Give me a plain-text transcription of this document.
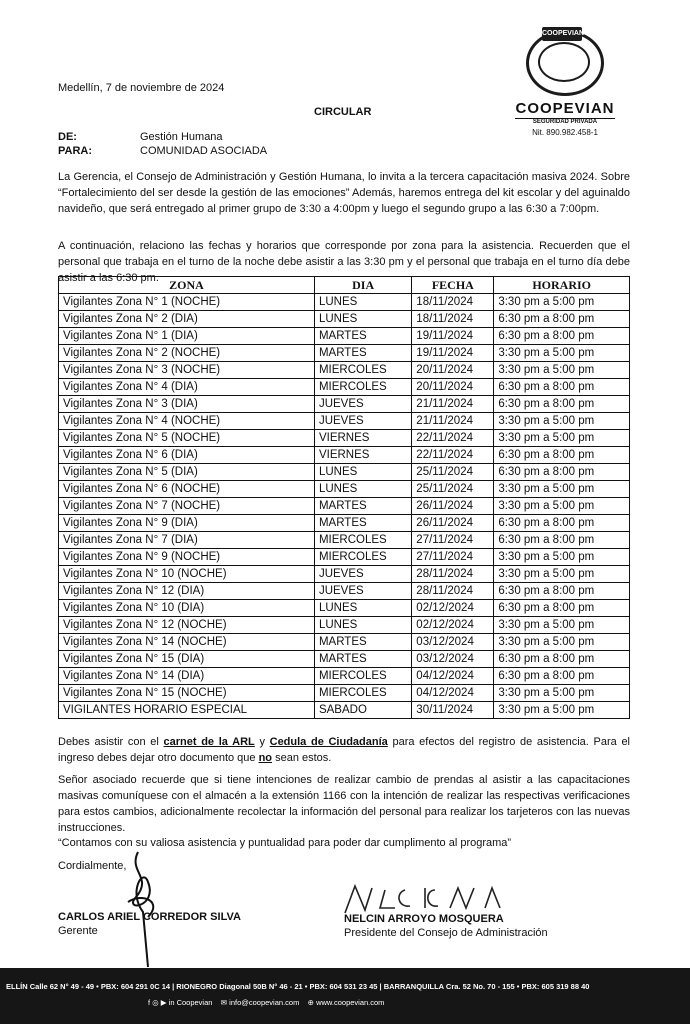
COOPEVIAN
COOPEVIAN
SEGURIDAD PRIVADA
Nit. 890.982.458-1
Medellín, 7 de noviembre de 2024
CIRCULAR
DE:	Gestión Humana
PARA:	COMUNIDAD ASOCIADA
La Gerencia, el Consejo de Administración y Gestión Humana, lo invita a la tercera capacitación masiva 2024. Sobre “Fortalecimiento del ser desde la gestión de las emociones” Además, haremos entrega del kit escolar y del aguinaldo navideño, que será entregado al primer grupo de 3:30 a 4:00pm y luego el segundo grupo a las 6:30 a 7:00pm.
A continuación, relaciono las fechas y horarios que corresponde por zona para la asistencia. Recuerden que el personal que trabaja en el turno de la noche debe asistir a las 3:30 pm y el personal que trabaja en el turno día debe asistir a las 6:30 pm. ZONA	DIA	FECHA	HORARIO
Vigilantes Zona N° 1 (NOCHE)	LUNES	18/11/2024	3:30 pm a 5:00 pm
Vigilantes Zona N° 2 (DIA)	LUNES	18/11/2024	6:30 pm a 8:00 pm
Vigilantes Zona N° 1 (DIA)	MARTES	19/11/2024	6:30 pm a 8:00 pm
Vigilantes Zona N° 2 (NOCHE)	MARTES	19/11/2024	3:30 pm a 5:00 pm
Vigilantes Zona N° 3 (NOCHE)	MIERCOLES	20/11/2024	3:30 pm a 5:00 pm
Vigilantes Zona N° 4 (DIA)	MIERCOLES	20/11/2024	6:30 pm a 8:00 pm
Vigilantes Zona N° 3 (DIA)	JUEVES	21/11/2024	6:30 pm a 8:00 pm
Vigilantes Zona N° 4 (NOCHE)	JUEVES	21/11/2024	3:30 pm a 5:00 pm
Vigilantes Zona N° 5 (NOCHE)	VIERNES	22/11/2024	3:30 pm a 5:00 pm
Vigilantes Zona N° 6 (DIA)	VIERNES	22/11/2024	6:30 pm a 8:00 pm
Vigilantes Zona N° 5 (DIA)	LUNES	25/11/2024	6:30 pm a 8:00 pm
Vigilantes Zona N° 6 (NOCHE)	LUNES	25/11/2024	3:30 pm a 5:00 pm
Vigilantes Zona N° 7 (NOCHE)	MARTES	26/11/2024	3:30 pm a 5:00 pm
Vigilantes Zona N° 9 (DIA)	MARTES	26/11/2024	6:30 pm a 8:00 pm
Vigilantes Zona N° 7 (DIA)	MIERCOLES	27/11/2024	6:30 pm a 8:00 pm
Vigilantes Zona N° 9 (NOCHE)	MIERCOLES	27/11/2024	3:30 pm a 5:00 pm
Vigilantes Zona N° 10 (NOCHE)	JUEVES	28/11/2024	3:30 pm a 5:00 pm
Vigilantes Zona N° 12 (DIA)	JUEVES	28/11/2024	6:30 pm a 8:00 pm
Vigilantes Zona N° 10 (DIA)	LUNES	02/12/2024	6:30 pm a 8:00 pm
Vigilantes Zona N° 12 (NOCHE)	LUNES	02/12/2024	3:30 pm a 5:00 pm
Vigilantes Zona N° 14 (NOCHE)	MARTES	03/12/2024	3:30 pm a 5:00 pm
Vigilantes Zona N° 15 (DIA)	MARTES	03/12/2024	6:30 pm a 8:00 pm
Vigilantes Zona N° 14 (DIA)	MIERCOLES	04/12/2024	6:30 pm a 8:00 pm
Vigilantes Zona N° 15 (NOCHE)	MIERCOLES	04/12/2024	3:30 pm a 5:00 pm
VIGILANTES HORARIO ESPECIAL	SABADO	30/11/2024	3:30 pm a 5:00 pm
Debes asistir con el carnet de la ARL y Cedula de Ciudadanía para efectos del registro de asistencia. Para el ingreso debes dejar otro documento que no sean estos.
Señor asociado recuerde que si tiene intenciones de realizar cambio de prendas al asistir a las capacitaciones masivas comuníquese con el almacén a la extensión 1166 con la intención de realizar las respectivas verificaciones para estos cambios, adicionalmente recolectar la información del personal para realizar los tarjeteros con las nuevas instrucciones.
“Contamos con su valiosa asistencia y puntualidad para poder dar cumplimento al programa”
Cordialmente,
CARLOS ARIEL CORREDOR SILVA
Gerente
NELCIN ARROYO MOSQUERA
Presidente del Consejo de Administración
ELLÍN Calle 62 N° 49 - 49 • PBX: 604 291 0C 14 | RIONEGRO Diagonal 50B N° 46 - 21 • PBX: 604 531 23 45 | BARRANQUILLA Cra. 52 No. 70 - 155 • PBX: 605 319 88 40
f ◎ ▶ in Coopevian ✉ info@coopevian.com ⊕ www.coopevian.com
